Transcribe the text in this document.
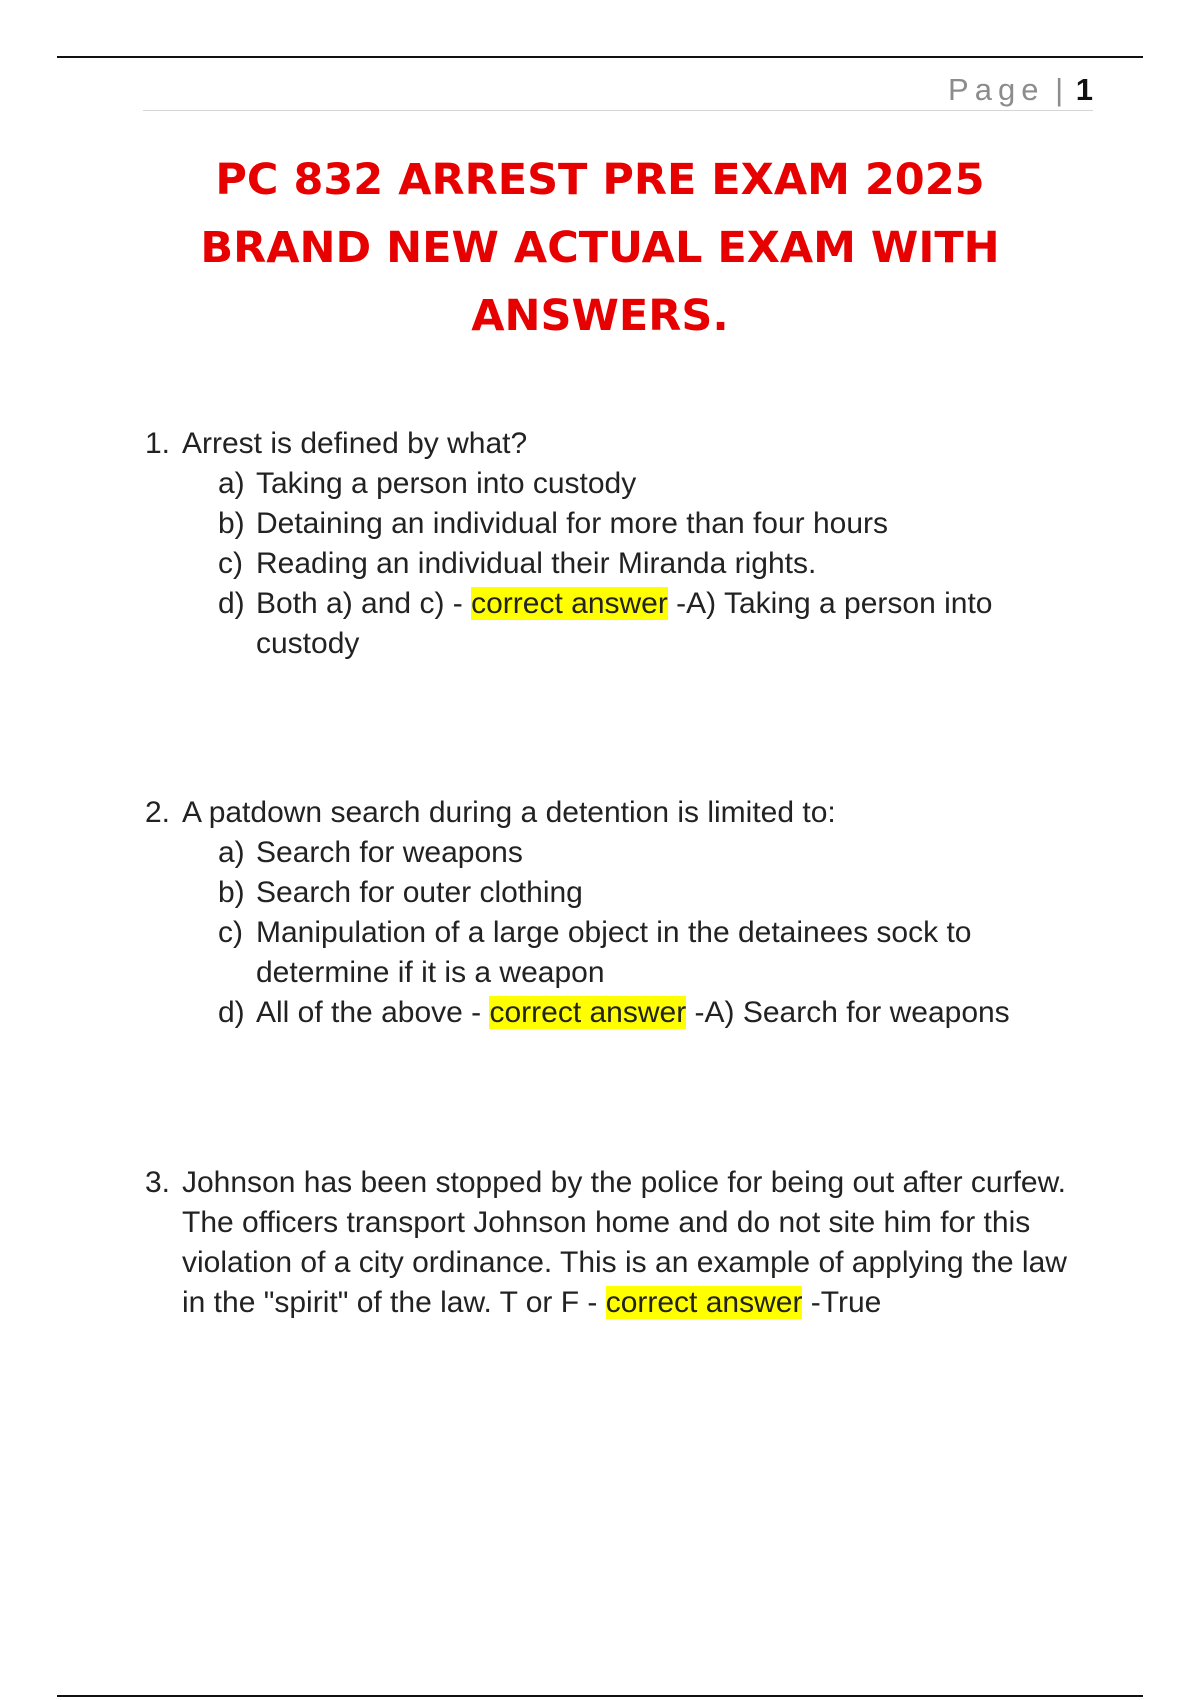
Page | 1
PC 832 ARREST PRE EXAM 2025
BRAND NEW ACTUAL EXAM WITH
ANSWERS.
1. Arrest is defined by what?
a) Taking a person into custody
b) Detaining an individual for more than four hours
c) Reading an individual their Miranda rights.
d) Both a) and c) - correct answer -A) Taking a person into custody
2. A patdown search during a detention is limited to:
a) Search for weapons
b) Search for outer clothing
c) Manipulation of a large object in the detainees sock to determine if it is a weapon
d) All of the above - correct answer -A) Search for weapons
3. Johnson has been stopped by the police for being out after curfew. The officers transport Johnson home and do not site him for this violation of a city ordinance. This is an example of applying the law in the "spirit" of the law. T or F - correct answer -True
